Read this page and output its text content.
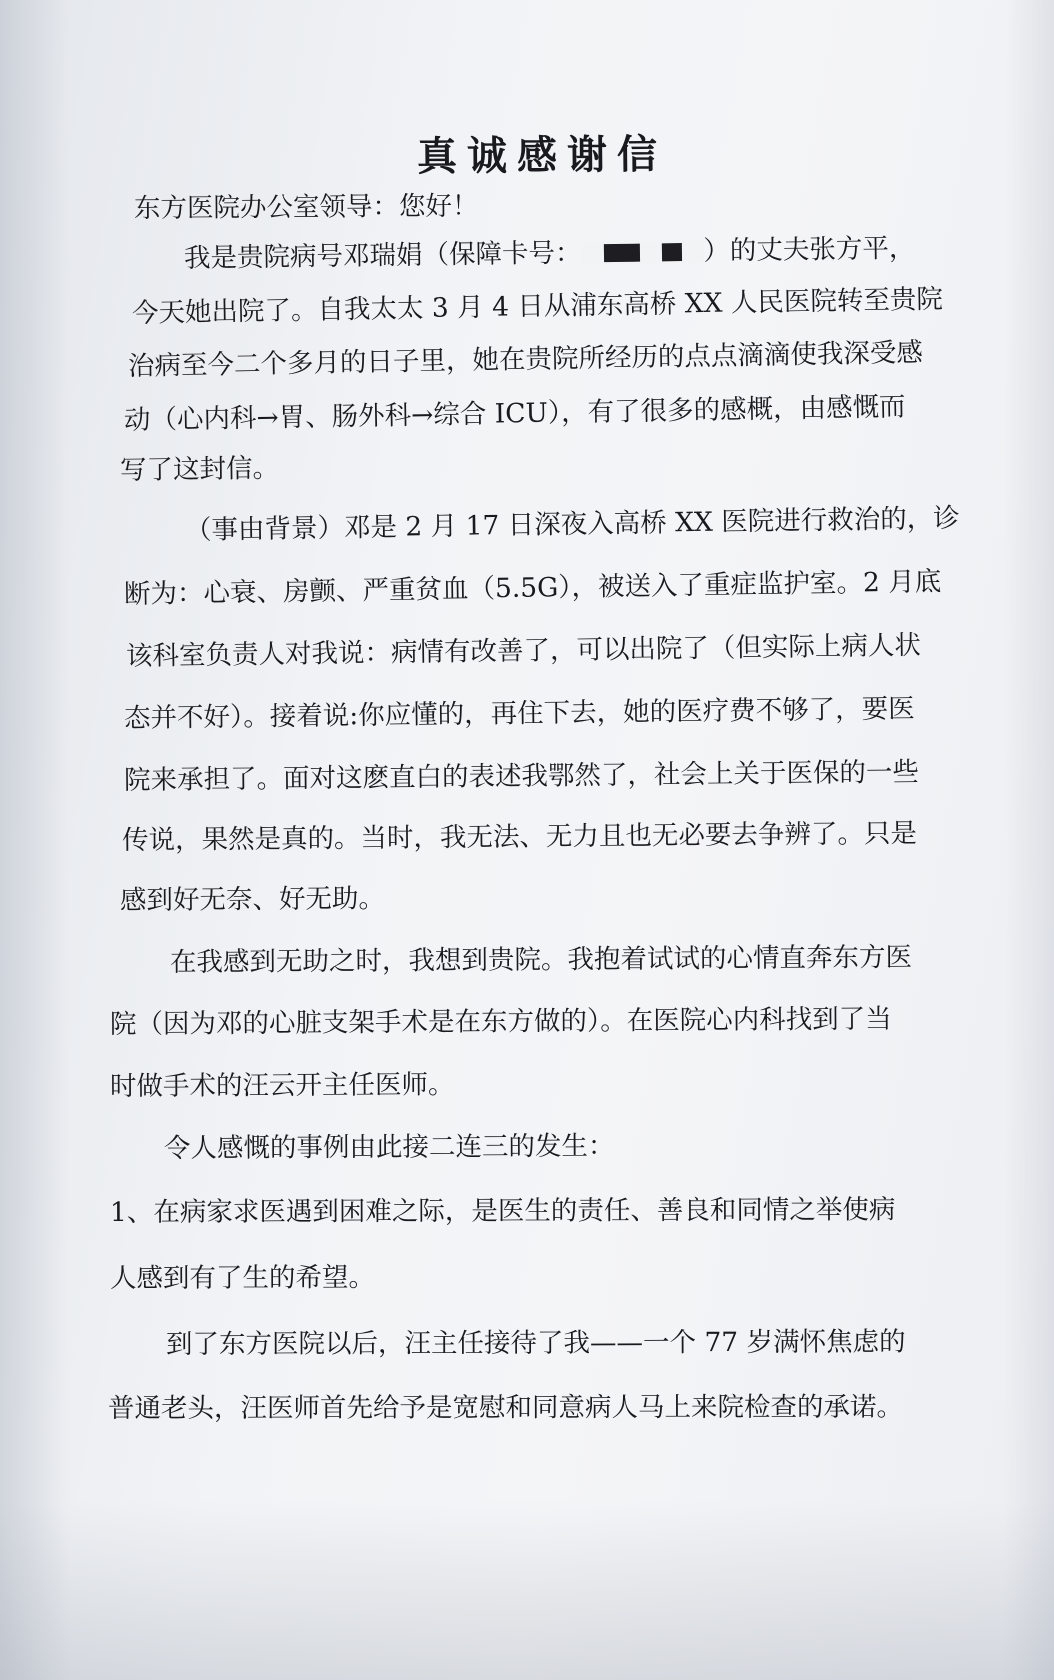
真诚感谢信
东方医院办公室领导：您好！
我是贵院病号邓瑞娟（保障卡号：	）的丈夫张方平，
今天她出院了。自我太太 3 月 4 日从浦东高桥 XX 人民医院转至贵院
治病至今二个多月的日子里，她在贵院所经历的点点滴滴使我深受感
动（心内科→胃、肠外科→综合 ICU），有了很多的感概，由感慨而
写了这封信。
（事由背景）邓是 2 月 17 日深夜入高桥 XX 医院进行救治的，诊
断为：心衰、房颤、严重贫血（5.5G），被送入了重症监护室。2 月底
该科室负责人对我说：病情有改善了，可以出院了（但实际上病人状
态并不好）。接着说:你应懂的，再住下去，她的医疗费不够了，要医
院来承担了。面对这麽直白的表述我鄂然了，社会上关于医保的一些
传说，果然是真的。当时，我无法、无力且也无必要去争辨了。只是
感到好无奈、好无助。
在我感到无助之时，我想到贵院。我抱着试试的心情直奔东方医
院（因为邓的心脏支架手术是在东方做的）。在医院心内科找到了当
时做手术的汪云开主任医师。
令人感慨的事例由此接二连三的发生：
1、在病家求医遇到困难之际，是医生的责任、善良和同情之举使病
人感到有了生的希望。
到了东方医院以后，汪主任接待了我——一个 77 岁满怀焦虑的
普通老头，汪医师首先给予是宽慰和同意病人马上来院检查的承诺。
